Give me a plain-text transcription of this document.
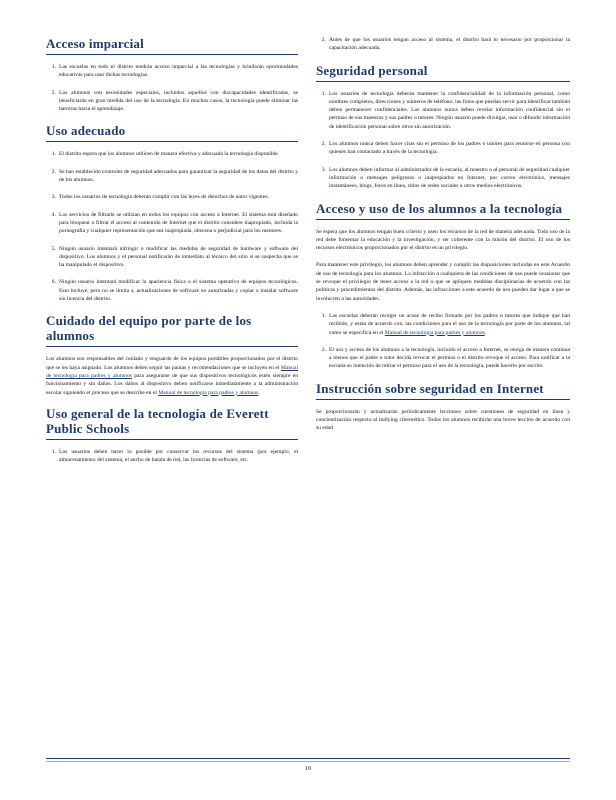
Acceso imparcial
1. Las escuelas en todo el distrito tendrán acceso imparcial a las tecnologías y brindarán oportunidades educativas para usar dichas tecnologías.
2. Los alumnos con necesidades especiales, incluidos aquellos con discapacidades identificadas, se beneficiarán en gran medida del uso de la tecnología. En muchos casos, la tecnología puede eliminar las barreras hacia el aprendizaje.
Uso adecuado
1. El distrito espera que los alumnos utilicen de manera efectiva y adecuada la tecnología disponible.
2. Se han establecido controles de seguridad adecuados para garantizar la seguridad de los datos del distrito y de los alumnos.
3. Todos los usuarios de tecnología deberán cumplir con las leyes de derechos de autor vigentes.
4. Los servicios de filtrado se utilizan en todos los equipos con acceso a Internet. El sistema está diseñado para bloquear o filtrar el acceso al contenido de Internet que el distrito considere inapropiado, incluida la pornografía y cualquier representación que sea inapropiada, obscena o perjudicial para los menores.
5. Ningún usuario intentará infringir o modificar las medidas de seguridad de hardware y software del dispositivo. Los alumnos y el personal notificarán de inmediato al técnico del sitio si se sospecha que se ha manipulado el dispositivo.
6. Ningún usuario intentará modificar la apariencia física o el sistema operativo de equipos tecnológicos. Esto incluye, pero no se limita a, actualizaciones de software no autorizadas y copiar o instalar software sin licencia del distrito.
Cuidado del equipo por parte de los alumnos

Los alumnos son responsables del cuidado y resguardo de los equipos portátiles proporcionados por el distrito que se les haya asignado. Los alumnos deben seguir las pautas y recomendaciones que se incluyen en el Manual de tecnología para padres y alumnos para asegurarse de que sus dispositivos tecnológicos estén siempre en funcionamiento y sin daños. Los daños al dispositivo deben notificarse inmediatamente a la administración escolar siguiendo el proceso que se describe en el Manual de tecnología para padres y alumnos.

Uso general de la tecnología de Everett Public Schools
1. Los usuarios deben hacer lo posible por conservar los recursos del sistema (por ejemplo, el almacenamiento del sistema, el ancho de banda de red, las licencias de software, etc.
2. Antes de que los usuarios tengan acceso al sistema, el distrito hará lo necesario por proporcionar la capacitación adecuada.
Seguridad personal
1. Los usuarios de tecnología deberán mantener la confidencialidad de la información personal, como nombres completos, direcciones y números de teléfono; las fotos que puedan servir para identificar también deben permanecer confidenciales. Los alumnos nunca deben revelar información confidencial sin el permiso de sus maestros y sus padres o tutores. Ningún usuario puede divulgar, usar o difundir información de identificación personal sobre otros sin autorización.
2. Los alumnos nunca deben hacer citas sin el permiso de los padres o tutores para reunirse en persona con quienes han contactado a través de la tecnología.
3. Los alumnos deben informar al administrador de la escuela, al maestro o al personal de seguridad cualquier información o mensajes peligrosos o inapropiados en Internet, por correo electrónico, mensajes instantáneos, blogs, foros en línea, sitios de redes sociales u otros medios electrónicos.
Acceso y uso de los alumnos a la tecnología

Se espera que los alumnos tengan buen criterio y usen los recursos de la red de manera adecuada. Todo uso de la red debe fomentar la educación y la investigación, y ser coherente con la misión del distrito. El uso de los recursos electrónicos proporcionados por el distrito es un privilegio.

Para mantener este privilegio, los alumnos deben aprender y cumplir las disposiciones incluidas en este Acuerdo de uso de tecnología para los alumnos. La infracción a cualquiera de las condiciones de uso puede ocasionar que se revoque el privilegio de tener acceso a la red o que se apliquen medidas disciplinarias de acuerdo con las políticas y procedimientos del distrito. Además, las infracciones a este acuerdo de uso pueden dar lugar a que se involucren a las autoridades.

1. Las escuelas deberán recoger un acuse de recibo firmado por los padres o tutores que indique que han recibido, y están de acuerdo con, las condiciones para el uso de la tecnología por parte de los alumnos, tal como se especifica en el Manual de tecnología para padres y alumnos.
2. El uso y acceso de los alumnos a la tecnología, incluido el acceso a Internet, se otorga de manera continua a menos que el padre o tutor decida revocar el permiso o el distrito revoque el acceso. Para notificar a la escuela su intención de retirar el permiso para el uso de la tecnología, puede hacerlo por escrito.
Instrucción sobre seguridad en Internet

Se proporcionarán y actualizarán periódicamente lecciones sobre cuestiones de seguridad en línea y concientización respecto al bullying cibernético. Todos los alumnos recibirán una breve lección de acuerdo con su edad

10
